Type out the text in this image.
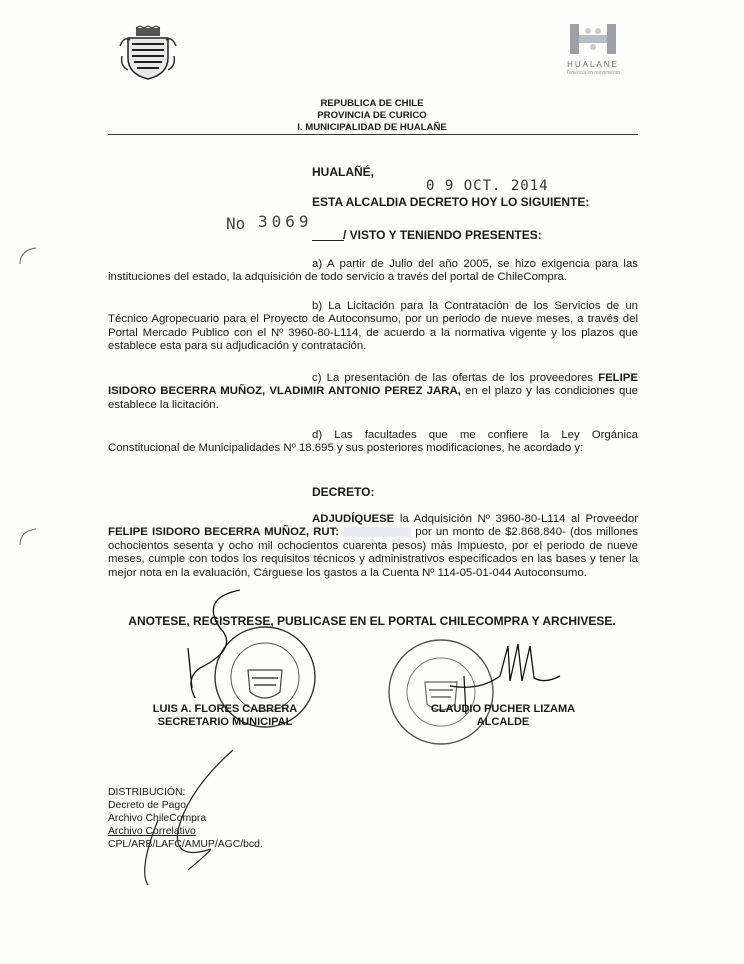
HUALANE
Tenencia en movimiento
REPUBLICA DE CHILE
PROVINCIA DE CURICO
I. MUNICIPALIDAD DE HUALAÑE
HUALAÑÉ,
0 9 OCT. 2014
ESTA ALCALDIA DECRETO HOY LO SIGUIENTE:
No 3069
/ VISTO Y TENIENDO PRESENTES:
a) A partir de Julio del año 2005, se hizo exigencia para las instituciones del estado, la adquisición de todo servicio a través del portal de ChileCompra.
b) La Licitación para la Contratación de los Servicios de un Técnico Agropecuario para el Proyecto de Autoconsumo, por un periodo de nueve meses, a través del Portal Mercado Publico con el Nº 3960-80-L114, de acuerdo a la normativa vigente y los plazos que establece esta para su adjudicación y contratación.
c) La presentación de las ofertas de los proveedores FELIPE ISIDORO BECERRA MUÑOZ, VLADIMIR ANTONIO PEREZ JARA, en el plazo y las condiciones que establece la licitación.
d) Las facultades que me confiere la Ley Orgánica Constitucional de Municipalidades Nº 18.695 y sus posteriores modificaciones, he acordado y:
DECRETO:
ADJUDÍQUESE la Adquisición Nº 3960-80-L114 al Proveedor FELIPE ISIDORO BECERRA MUÑOZ, RUT:	por un monto de $2.868.840- (dos millones ochocientos sesenta y ocho mil ochocientos cuarenta pesos) más Impuesto, por el periodo de nueve meses, cumple con todos los requisitos técnicos y administrativos especificados en las bases y tener la mejor nota en la evaluación, Cárguese los gastos a la Cuenta Nº 114-05-01-044 Autoconsumo.
ANOTESE, REGISTRESE, PUBLICASE EN EL PORTAL CHILECOMPRA Y ARCHIVESE.
LUIS A. FLORES CABRERA
SECRETARIO MUNICIPAL
CLAUDIO PUCHER LIZAMA
ALCALDE
DISTRIBUCIÓN:
Decreto de Pago
Archivo ChileCompra
Archivo Correlativo
CPL/ARB/LAFC/AMUP/AGC/bcd.
